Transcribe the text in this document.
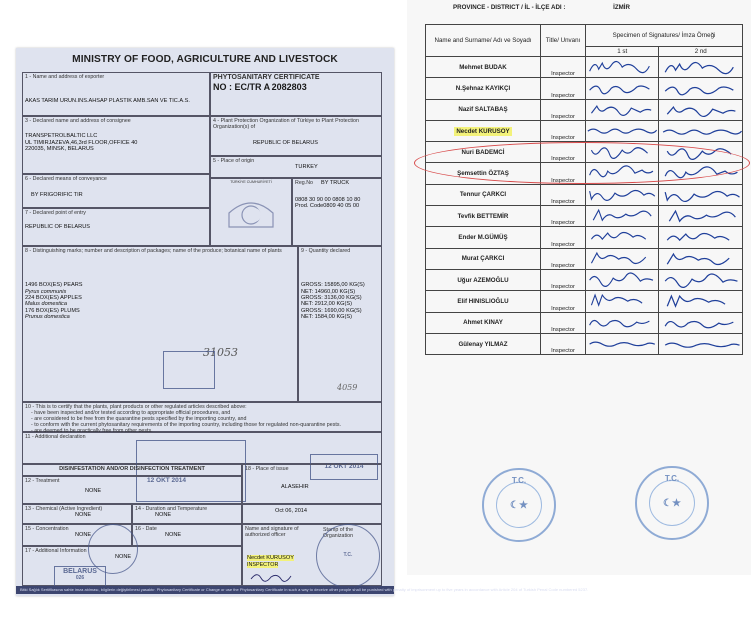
MINISTRY OF FOOD, AGRICULTURE AND LIVESTOCK
1 - Name and address of exporter
AKAS TARIM URUN.INS.AHSAP PLASTIK AMB.SAN VE TIC.A.S.
PHYTOSANITARY CERTIFICATE
NO : EC/TR A 2082803
3 - Declared name and address of consignee
TRANSPETROLBALTIC LLC
UL TIMIRJAZEVA,46,3rd FLOOR,OFFICE 40
220035, MINSK, BELARUS
4 - Plant Protection Organization of Türkiye to Plant Protection Organization(s) of
REPUBLIC OF BELARUS
5 - Place of origin
TURKEY
6 - Declared means of conveyance
BY FRIGORIFIC TIR
TÜRKİYE CUMHURİYETİ	Reg.No	BY TRUCK
0808 30 90 00 0808 10 80
Prod. Code0809 40 05 00
7 - Declared point of entry
REPUBLIC OF BELARUS
8 - Distinguishing marks; number and description of packages; name of the produce; botanical name of plants
1496 BOX(ES) PEARS
Pyrus communis
224 BOX(ES) APPLES
Malus domestica
176 BOX(ES) PLUMS
Prunus domestica
31053
9 - Quantity declared
GROSS: 15895,00 KG(S)
NET: 14960,00 KG(S)
GROSS: 3136,00 KG(S)
NET: 2912,00 KG(S)
GROSS: 1690,00 KG(S)
NET: 1584,00 KG(S)
4059
10 - This is to certify that the plants, plant products or other regulated articles described above:
- have been inspected and/or tested according to appropriate official procedures, and
- are considered to be free from the quarantine pests specified by the importing country, and
- to conform with the current phytosanitary requirements of the importing country, including those for regulated non-quarantine pests.
- are deemed to be practically free from other pests.
11 - Additional declaration
12 OKT 2014
12 OKT 2014
DISINFESTATION AND/OR DISINFECTION TREATMENT	18 - Place of issue
ALASEHIR
12 - Treatment
NONE
13 - Chemical (Active Ingredient)
NONE
14 - Duration and Temperature
NONE
Oct 06, 2014
15 - Concentration
NONE
16 - Date
NONE
Name and signature of authorized officer
Stamp of the Organization
Necdet KURUSOY
INSPECTOR
17 - Additional Information
NONE	T.C.
BELARUS
026
Bitki Sağlık Sertifikasına sahte imza atılması, bilgilerin değiştirilmesi yasaktır. Phytosanitary Certificate or Change or use the Phytosanitary Certificate in such a way to deceive other people shall be punished with penalty of imprisonment up to five years in accordance with Article 204 of Turkish Penal Code numbered 5237.
PROVINCE - DISTRICT / İL - İLÇE ADI :	İZMİR
Name and Surname/ Adı ve Soyadı	Title/ Unvanı	Specimen of Signatures/ İmza Örneği	
		1 st	2 nd
Mehmet BUDAK	Inspector	

N.Şehnaz KAYIKÇI	Inspector	

Nazif SALTABAŞ	Inspector	

Necdet KURUSOY	Inspector	

Nuri BADEMCİ	Inspector	

Şemsettin ÖZTAŞ	Inspector	

Tennur ÇARKCI	Inspector	

Tevfik BETTEMİR	Inspector	

Ender M.GÜMÜŞ	Inspector	

Murat ÇARKCI	Inspector	

Uğur AZEMOĞLU	Inspector	

Elif HINISLIOĞLU	Inspector	

Ahmet KINAY	Inspector	

Gülenay YILMAZ	Inspector	

T.C.
☾★
T.C.
☾★
